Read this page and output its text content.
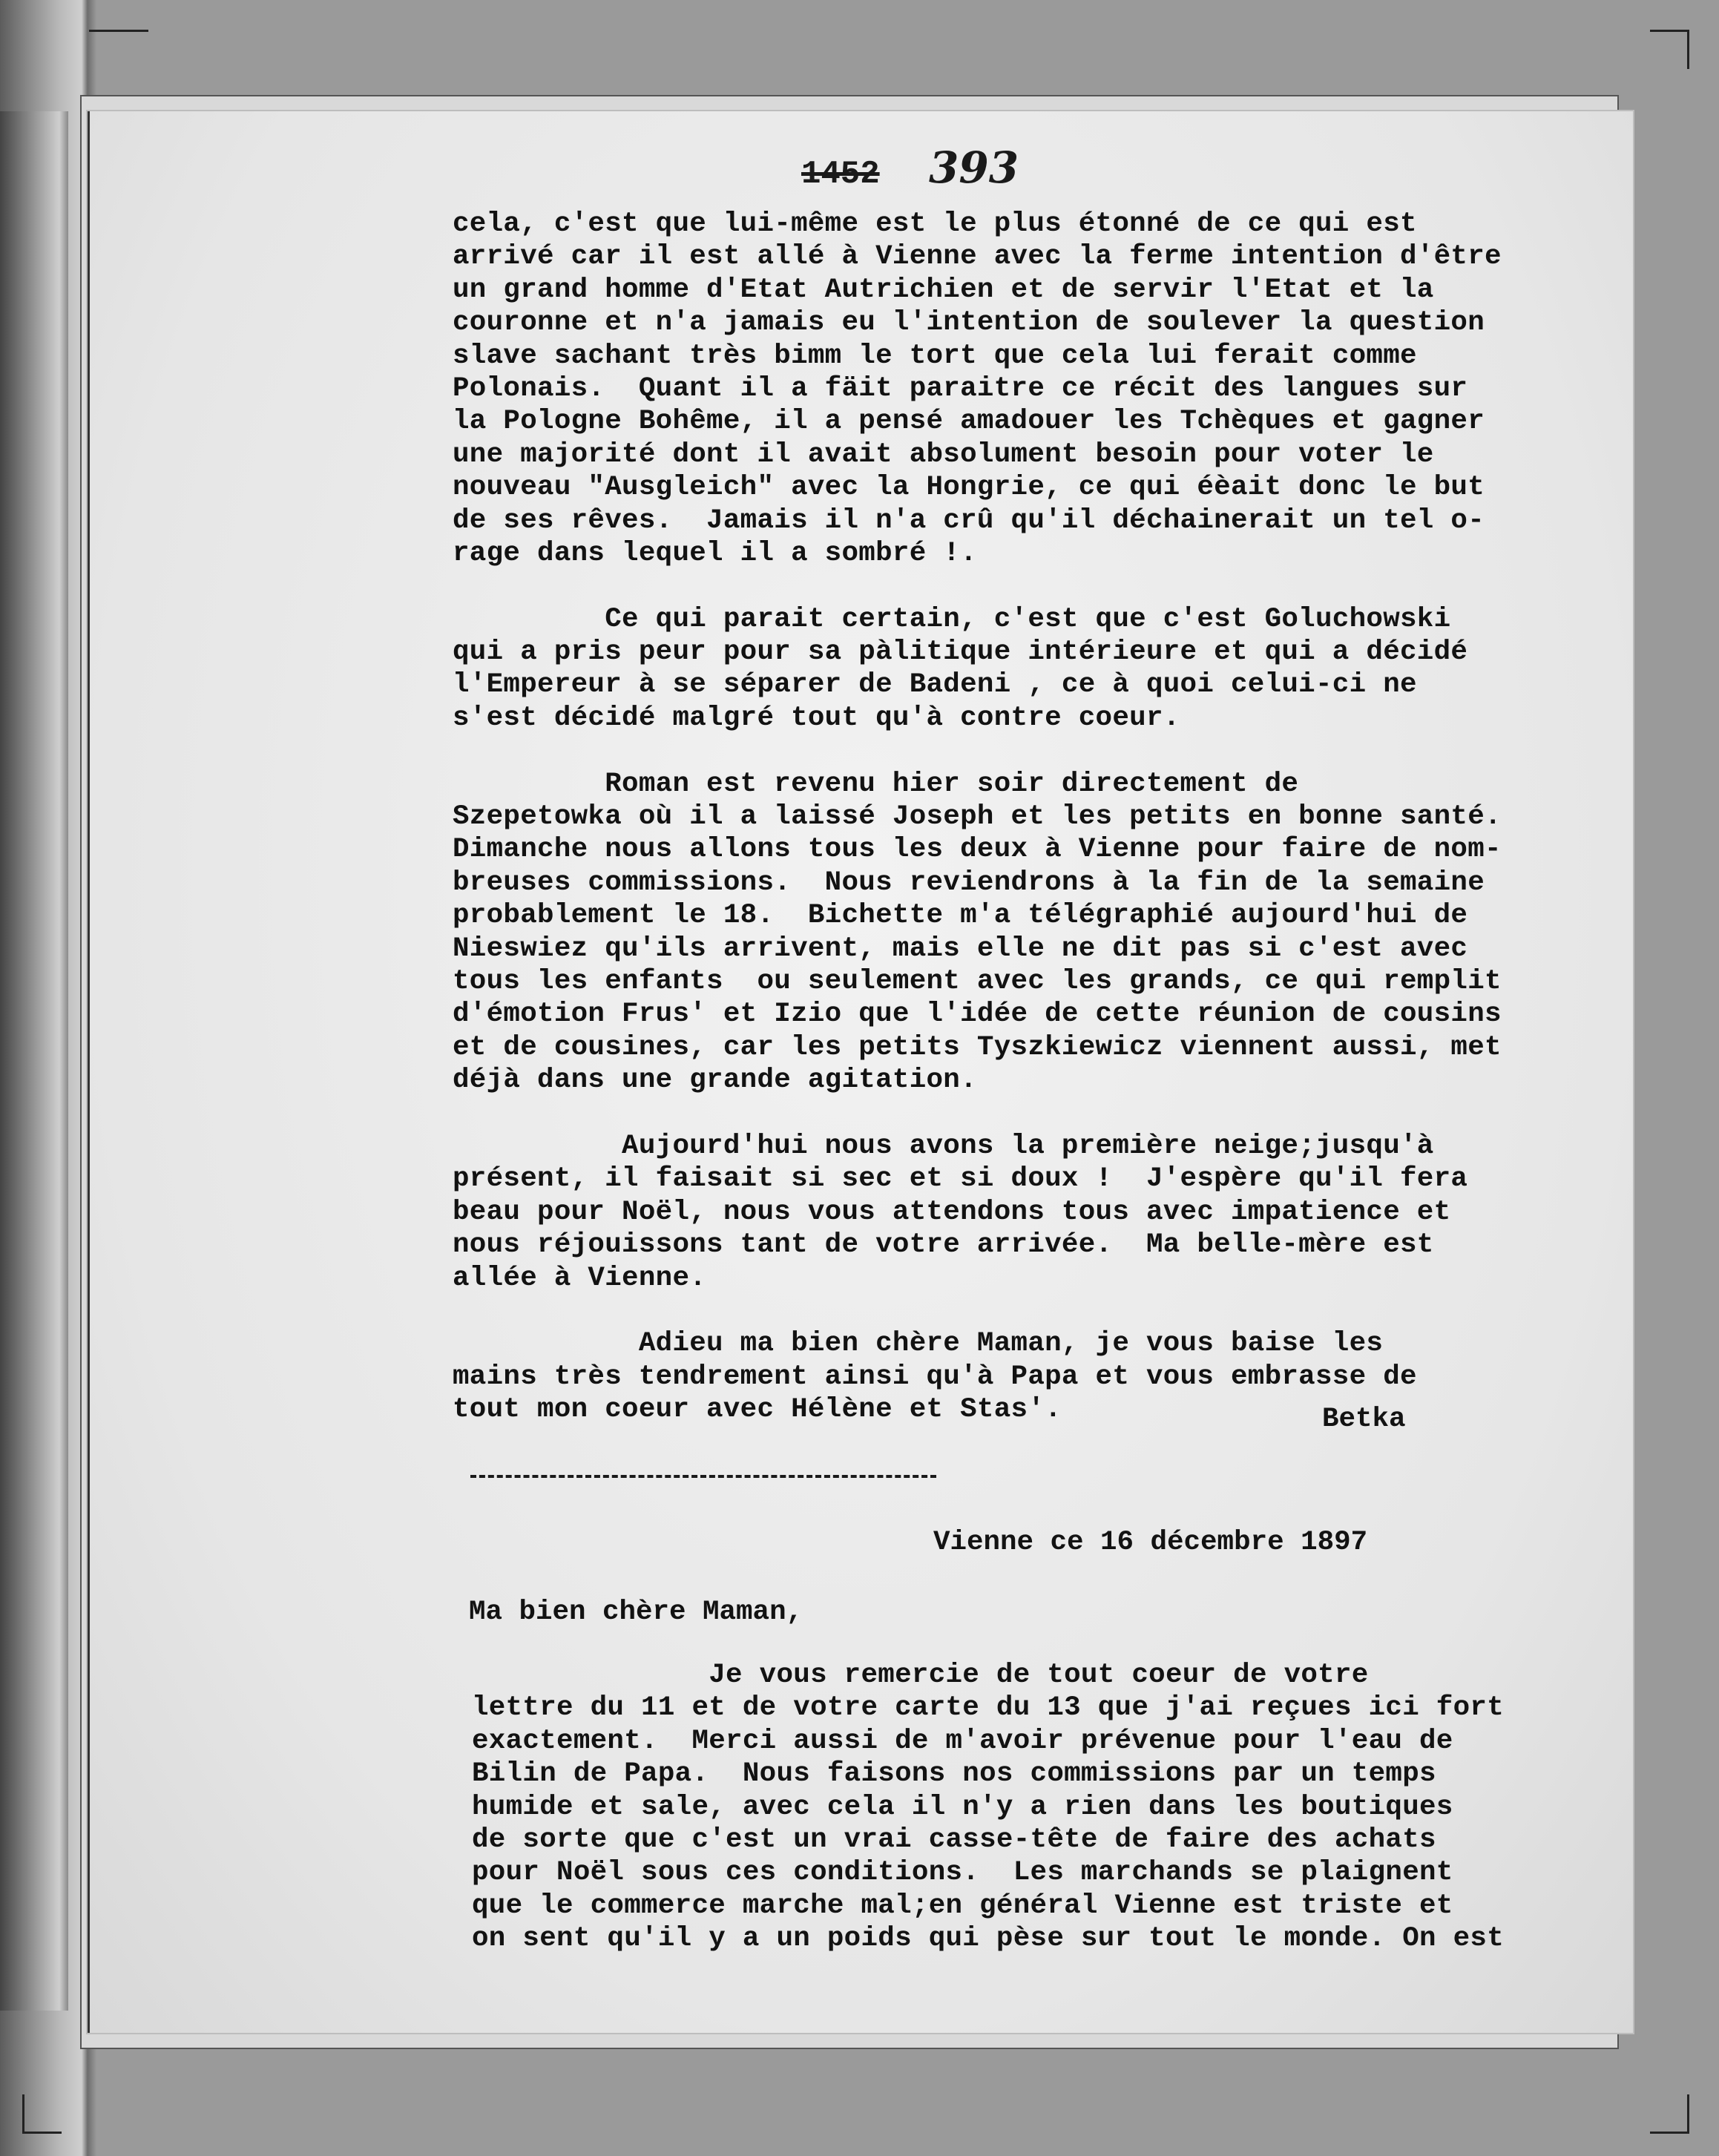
1452 393
cela, c'est que lui-même est le plus étonné de ce qui est
arrivé car il est allé à Vienne avec la ferme intention d'être
un grand homme d'Etat Autrichien et de servir l'Etat et la
couronne et n'a jamais eu l'intention de soulever la question
slave sachant très bimm le tort que cela lui ferait comme
Polonais.  Quant il a fäit paraitre ce récit des langues sur
la Pologne Bohême, il a pensé amadouer les Tchèques et gagner
une majorité dont il avait absolument besoin pour voter le
nouveau "Ausgleich" avec la Hongrie, ce qui éèait donc le but
de ses rêves.  Jamais il n'a crû qu'il déchainerait un tel o-
rage dans lequel il a sombré !.
Ce qui parait certain, c'est que c'est Goluchowski
qui a pris peur pour sa pàlitique intérieure et qui a décidé
l'Empereur à se séparer de Badeni , ce à quoi celui-ci ne
s'est décidé malgré tout qu'à contre coeur.
Roman est revenu hier soir directement de
Szepetowka où il a laissé Joseph et les petits en bonne santé.
Dimanche nous allons tous les deux à Vienne pour faire de nom-
breuses commissions.  Nous reviendrons à la fin de la semaine
probablement le 18.  Bichette m'a télégraphié aujourd'hui de
Nieswiez qu'ils arrivent, mais elle ne dit pas si c'est avec
tous les enfants  ou seulement avec les grands, ce qui remplit
d'émotion Frus' et Izio que l'idée de cette réunion de cousins
et de cousines, car les petits Tyszkiewicz viennent aussi, met
déjà dans une grande agitation.
Aujourd'hui nous avons la première neige;jusqu'à
présent, il faisait si sec et si doux !  J'espère qu'il fera
beau pour Noël, nous vous attendons tous avec impatience et
nous réjouissons tant de votre arrivée.  Ma belle-mère est
allée à Vienne.
Adieu ma bien chère Maman, je vous baise les
mains très tendrement ainsi qu'à Papa et vous embrasse de
tout mon coeur avec Hélène et Stas'.	Betka
Vienne ce 16 décembre 1897
Ma bien chère Maman,
Je vous remercie de tout coeur de votre
lettre du 11 et de votre carte du 13 que j'ai reçues ici fort
exactement.  Merci aussi de m'avoir prévenue pour l'eau de
Bilin de Papa.  Nous faisons nos commissions par un temps
humide et sale, avec cela il n'y a rien dans les boutiques
de sorte que c'est un vrai casse-tête de faire des achats
pour Noël sous ces conditions.  Les marchands se plaignent
que le commerce marche mal;en général Vienne est triste et
on sent qu'il y a un poids qui pèse sur tout le monde. On est
